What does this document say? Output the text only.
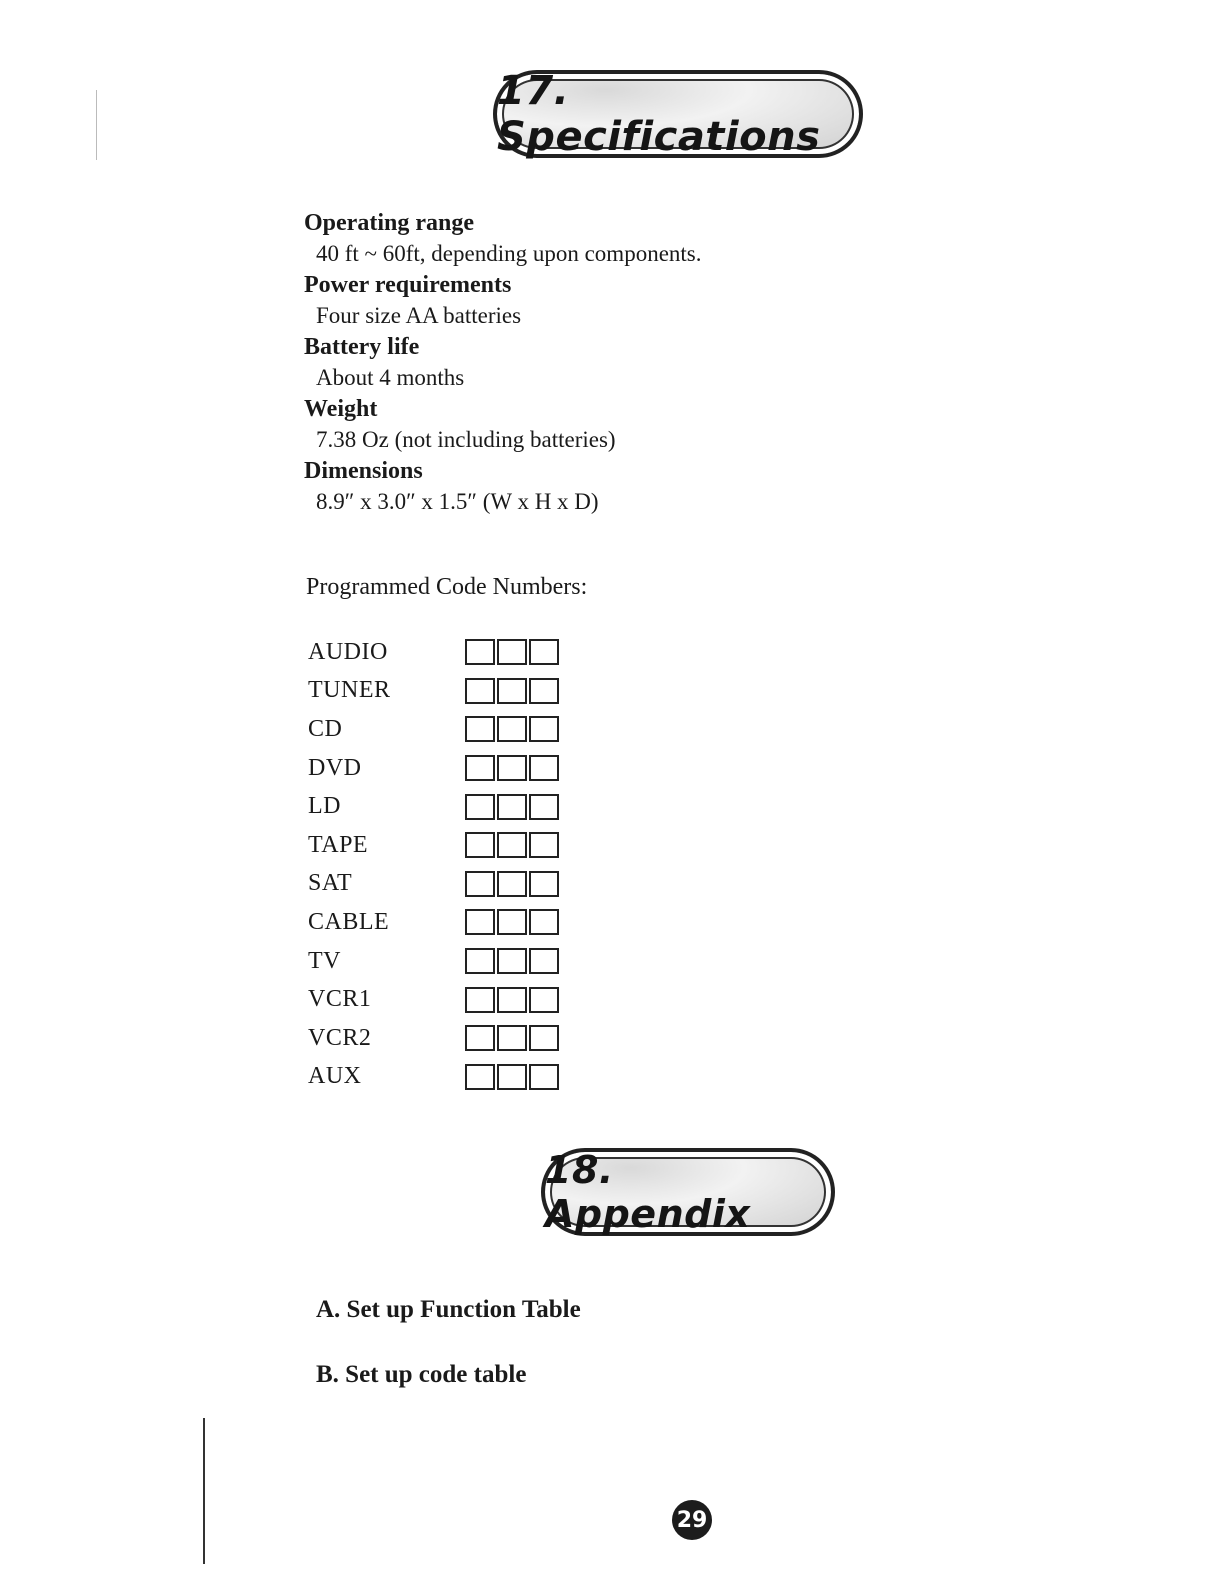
17. Specifications
Operating range
40 ft ~ 60ft, depending upon components.
Power requirements
Four size AA batteries
Battery life
About 4 months
Weight
7.38 Oz (not including batteries)
Dimensions
8.9″ x 3.0″ x 1.5″ (W x H x D)
Programmed Code Numbers:
AUDIO
TUNER
CD
DVD
LD
TAPE
SAT
CABLE
TV
VCR1
VCR2
AUX
18. Appendix
A. Set up Function Table
B. Set up code table
29
